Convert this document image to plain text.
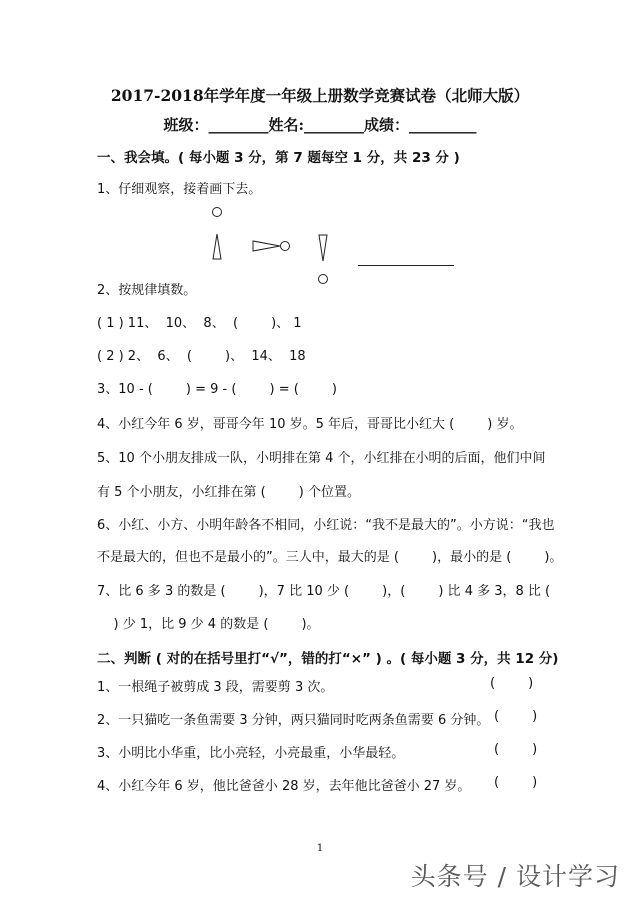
2017-2018年学年度一年级上册数学竞赛试卷（北师大版）
班级：________姓名:________成绩：_________
一、我会填。( 每小题 3 分，第 7 题每空 1 分，共 23 分 )
1、仔细观察，接着画下去。
2、按规律填数。
( 1 ) 11、  10、  8、  (        )、 1
( 2 ) 2、  6、  (        )、  14、  18
3、10 - (        ) = 9 - (        ) = (        )
4、小红今年 6 岁，哥哥今年 10 岁。5 年后，哥哥比小红大 (        ) 岁。
5、10 个小朋友排成一队，小明排在第 4 个，小红排在小明的后面，他们中间
有 5 个小朋友，小红排在第 (        ) 个位置。
6、小红、小方、小明年龄各不相同，小红说：“我不是最大的”。小方说：“我也
不是最大的，但也不是最小的”。三人中，最大的是 (        )，最小的是 (        )。
7、比 6 多 3 的数是 (        )，7 比 10 少 (        )，(        ) 比 4 多 3，8 比 (
) 少 1，比 9 少 4 的数是 (        )。
二、判断 ( 对的在括号里打“√”，错的打“×” ) 。( 每小题 3 分，共 12 分)
1、一根绳子被剪成 3 段，需要剪 3 次。	(        )
2、一只猫吃一条鱼需要 3 分钟，两只猫同时吃两条鱼需要 6 分钟。 (        )
3、小明比小华重，比小亮轻，小亮最重，小华最轻。	(        )
4、小红今年 6 岁，他比爸爸小 28 岁，去年他比爸爸小 27 岁。 (        )
1
头条号 / 设计学习
